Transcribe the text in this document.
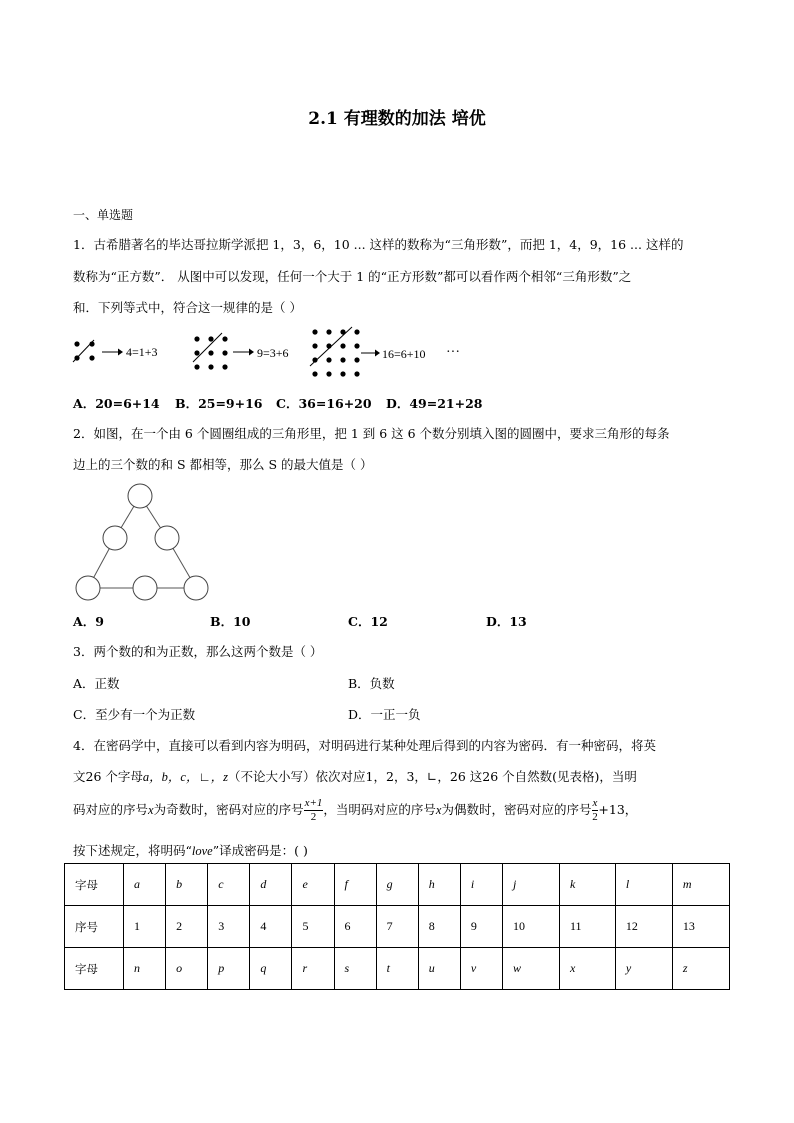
2.1 有理数的加法 培优
一、单选题
1．古希腊著名的毕达哥拉斯学派把 1，3，6，10 ... 这样的数称为“三角形数”，而把 1，4，9，16 ... 这样的
数称为“正方数”． 从图中可以发现，任何一个大于 1 的“正方形数”都可以看作两个相邻“三角形数”之
和．下列等式中，符合这一规律的是（ ）
4=1+3	9=3+6	16=6+10 ···
A．20=6+14 B．25=9+16 C．36=16+20 D．49=21+28
2．如图，在一个由 6 个圆圈组成的三角形里，把 1 到 6 这 6 个数分别填入图的圆圈中，要求三角形的每条
边上的三个数的和 S 都相等，那么 S 的最大值是（ ）
A．9	B．10	C．12	D．13
3．两个数的和为正数，那么这两个数是（ ）
A．正数	B．负数
C．至少有一个为正数	D．一正一负
4．在密码学中，直接可以看到内容为明码，对明码进行某种处理后得到的内容为密码．有一种密码，将英
文26 个字母a，b，c，∟，z（不论大小写）依次对应1，2，3，∟，26 这26 个自然数(见表格)，当明
码对应的序号x为奇数时，密码对应的序号 $\frac{x+1}{2}$ ，当明码对应的序号x为偶数时，密码对应的序号 $\frac{x}{2} +13$，
按下述规定，将明码“love”译成密码是：( )
字母	a	b	c	d	e	f	g	h	i	j	k	l	m
序号	1	2	3	4	5	6	7	8	9	10	11	12	13
字母	n	o	p	q	r	s	t	u	v	w	x	y	z
